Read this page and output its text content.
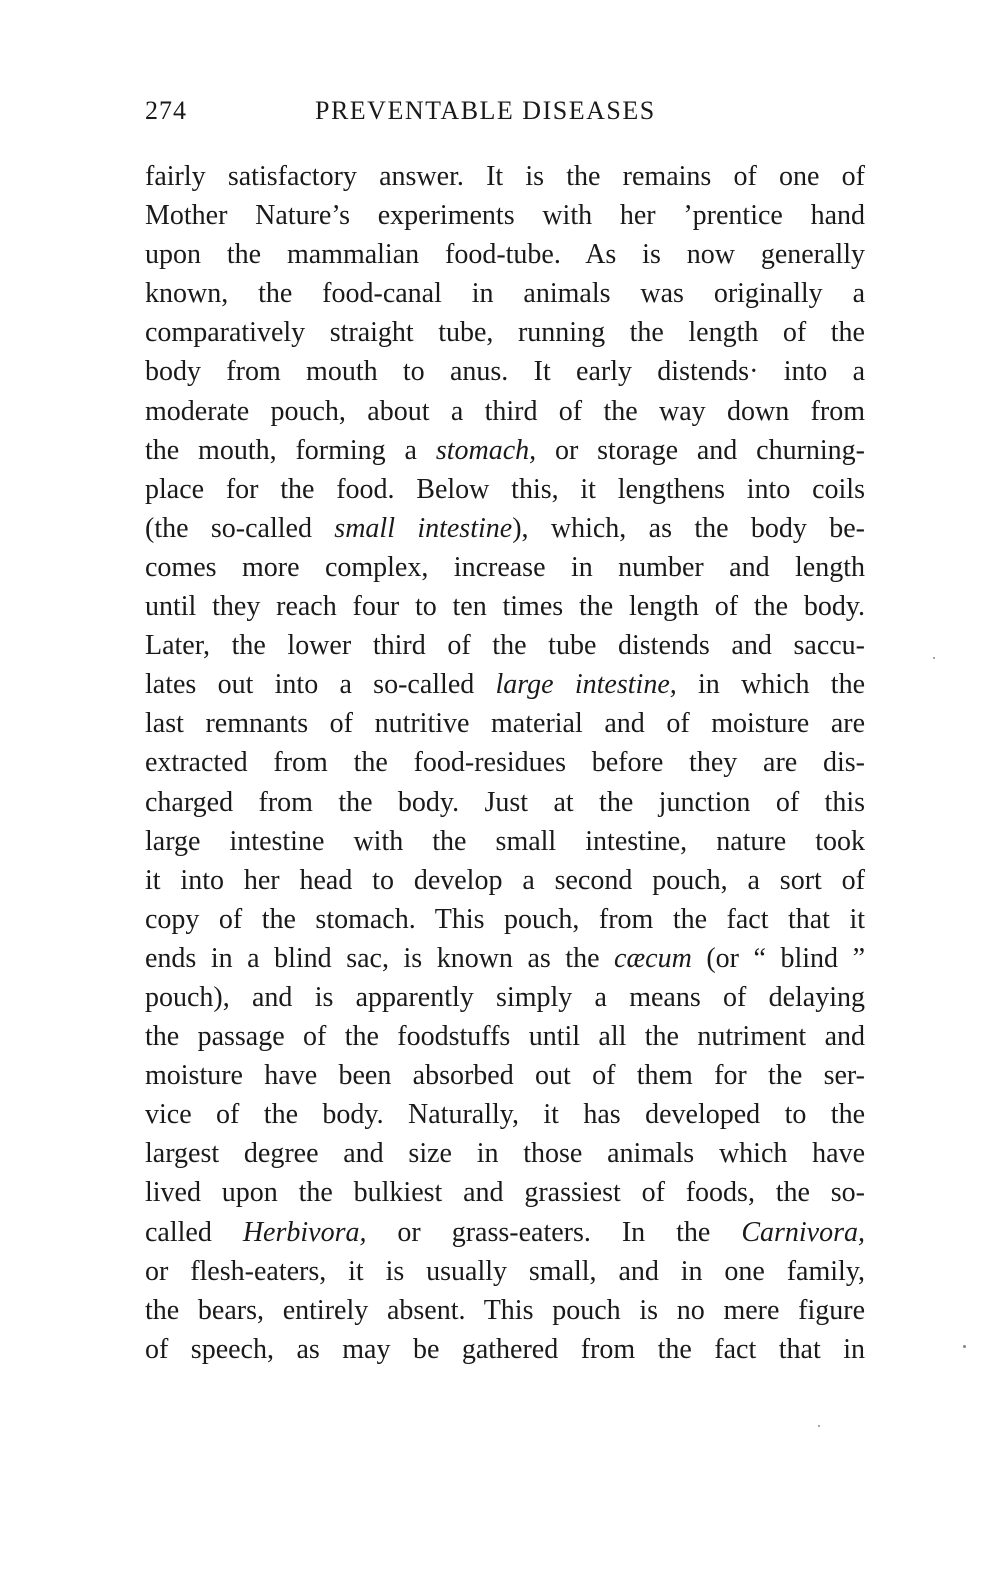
274	PREVENTABLE DISEASES
fairly satisfactory answer. It is the remains of one of
Mother Nature’s experiments with her ’prentice hand
upon the mammalian food-tube. As is now generally
known, the food-canal in animals was originally a
comparatively straight tube, running the length of the
body from mouth to anus. It early distends· into a
moderate pouch, about a third of the way down from
the mouth, forming a stomach, or storage and churning-
place for the food. Below this, it lengthens into coils
(the so-called small intestine), which, as the body be-
comes more complex, increase in number and length
until they reach four to ten times the length of the body.
Later, the lower third of the tube distends and saccu-
lates out into a so-called large intestine, in which the
last remnants of nutritive material and of moisture are
extracted from the food-residues before they are dis-
charged from the body. Just at the junction of this
large intestine with the small intestine, nature took
it into her head to develop a second pouch, a sort of
copy of the stomach. This pouch, from the fact that it
ends in a blind sac, is known as the cæcum (or “ blind ”
pouch), and is apparently simply a means of delaying
the passage of the foodstuffs until all the nutriment and
moisture have been absorbed out of them for the ser-
vice of the body. Naturally, it has developed to the
largest degree and size in those animals which have
lived upon the bulkiest and grassiest of foods, the so-
called Herbivora, or grass-eaters. In the Carnivora,
or flesh-eaters, it is usually small, and in one family,
the bears, entirely absent. This pouch is no mere figure
of speech, as may be gathered from the fact that in
